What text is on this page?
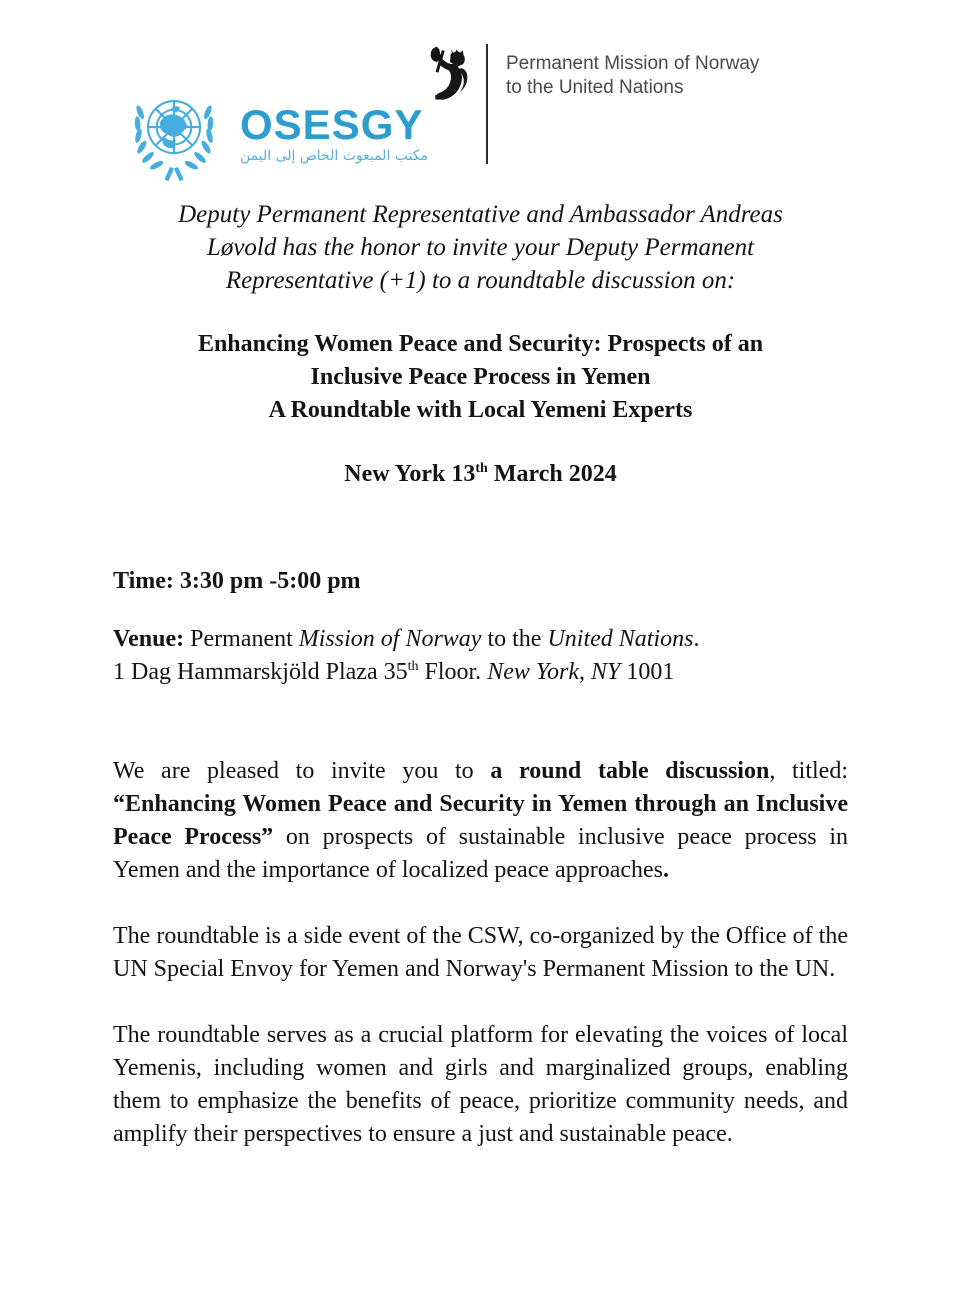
OSESGY
مكتب المبعوث الخاص إلى اليمن
Permanent Mission of Norway
to the United Nations
Deputy Permanent Representative and Ambassador Andreas
Løvold has the honor to invite your Deputy Permanent
Representative (+1) to a roundtable discussion on:
Enhancing Women Peace and Security: Prospects of an
Inclusive Peace Process in Yemen
A Roundtable with Local Yemeni Experts
New York 13th March 2024
Time: 3:30 pm -5:00 pm
Venue: Permanent Mission of Norway to the United Nations.
1 Dag Hammarskjöld Plaza 35th Floor. New York, NY 1001

We are pleased to invite you to a round table discussion, titled: “Enhancing Women Peace and Security in Yemen through an Inclusive Peace Process” on prospects of sustainable inclusive peace process in Yemen and the importance of localized peace approaches.

The roundtable is a side event of the CSW, co-organized by the Office of the UN Special Envoy for Yemen and Norway's Permanent Mission to the UN.

The roundtable serves as a crucial platform for elevating the voices of local Yemenis, including women and girls and marginalized groups, enabling them to emphasize the benefits of peace, prioritize community needs, and amplify their perspectives to ensure a just and sustainable peace.
